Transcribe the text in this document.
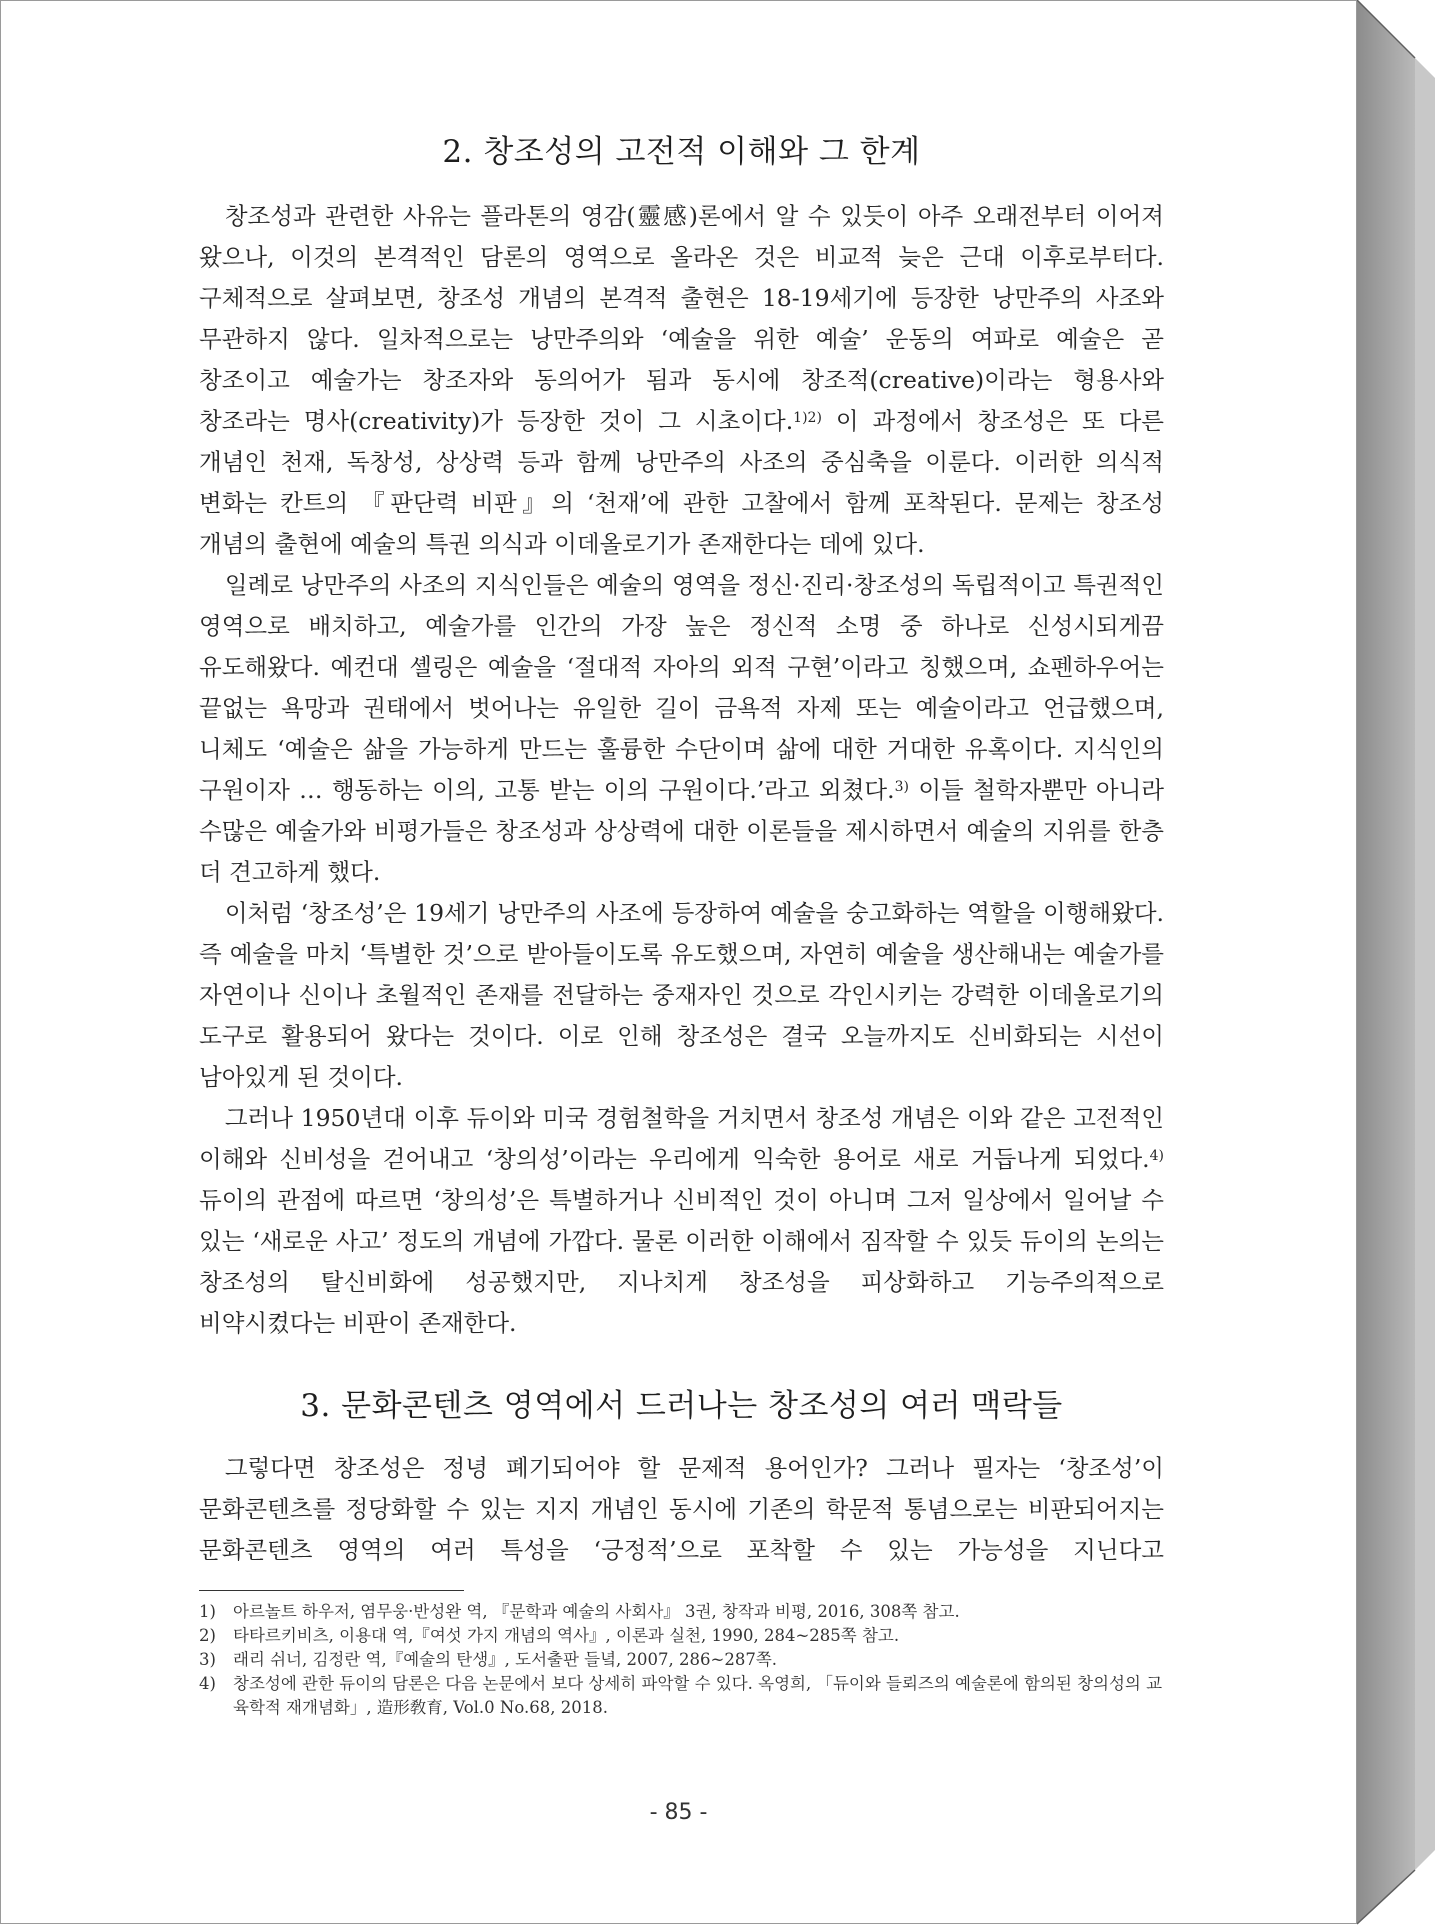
2. 창조성의 고전적 이해와 그 한계

창조성과 관련한 사유는 플라톤의 영감(靈感)론에서 알 수 있듯이 아주 오래전부터 이어져 왔으나, 이것의 본격적인 담론의 영역으로 올라온 것은 비교적 늦은 근대 이후로부터다. 구체적으로 살펴보면, 창조성 개념의 본격적 출현은 18-19세기에 등장한 낭만주의 사조와 무관하지 않다. 일차적으로는 낭만주의와 ‘예술을 위한 예술’ 운동의 여파로 예술은 곧 창조이고 예술가는 창조자와 동의어가 됨과 동시에 창조적(creative)이라는 형용사와 창조라는 명사(creativity)가 등장한 것이 그 시초이다.$^{1)2)}$ 이 과정에서 창조성은 또 다른 개념인 천재, 독창성, 상상력 등과 함께 낭만주의 사조의 중심축을 이룬다. 이러한 의식적 변화는 칸트의 『판단력 비판』의 ‘천재’에 관한 고찰에서 함께 포착된다. 문제는 창조성 개념의 출현에 예술의 특권 의식과 이데올로기가 존재한다는 데에 있다.

일례로 낭만주의 사조의 지식인들은 예술의 영역을 정신·진리·창조성의 독립적이고 특권적인 영역으로 배치하고, 예술가를 인간의 가장 높은 정신적 소명 중 하나로 신성시되게끔 유도해왔다. 예컨대 셸링은 예술을 ‘절대적 자아의 외적 구현’이라고 칭했으며, 쇼펜하우어는 끝없는 욕망과 권태에서 벗어나는 유일한 길이 금욕적 자제 또는 예술이라고 언급했으며, 니체도 ‘예술은 삶을 가능하게 만드는 훌륭한 수단이며 삶에 대한 거대한 유혹이다. 지식인의 구원이자 … 행동하는 이의, 고통 받는 이의 구원이다.’라고 외쳤다.$^{3)}$ 이들 철학자뿐만 아니라 수많은 예술가와 비평가들은 창조성과 상상력에 대한 이론들을 제시하면서 예술의 지위를 한층 더 견고하게 했다.

이처럼 ‘창조성’은 19세기 낭만주의 사조에 등장하여 예술을 숭고화하는 역할을 이행해왔다. 즉 예술을 마치 ‘특별한 것’으로 받아들이도록 유도했으며, 자연히 예술을 생산해내는 예술가를 자연이나 신이나 초월적인 존재를 전달하는 중재자인 것으로 각인시키는 강력한 이데올로기의 도구로 활용되어 왔다는 것이다. 이로 인해 창조성은 결국 오늘까지도 신비화되는 시선이 남아있게 된 것이다.

그러나 1950년대 이후 듀이와 미국 경험철학을 거치면서 창조성 개념은 이와 같은 고전적인 이해와 신비성을 걷어내고 ‘창의성’이라는 우리에게 익숙한 용어로 새로 거듭나게 되었다.$^{4)}$ 듀이의 관점에 따르면 ‘창의성’은 특별하거나 신비적인 것이 아니며 그저 일상에서 일어날 수 있는 ‘새로운 사고’ 정도의 개념에 가깝다. 물론 이러한 이해에서 짐작할 수 있듯 듀이의 논의는 창조성의 탈신비화에 성공했지만, 지나치게 창조성을 피상화하고 기능주의적으로 비약시켰다는 비판이 존재한다.

3. 문화콘텐츠 영역에서 드러나는 창조성의 여러 맥락들

그렇다면 창조성은 정녕 폐기되어야 할 문제적 용어인가? 그러나 필자는 ‘창조성’이 문화콘텐츠를 정당화할 수 있는 지지 개념인 동시에 기존의 학문적 통념으로는 비판되어지는 문화콘텐츠 영역의 여러 특성을 ‘긍정적’으로 포착할 수 있는 가능성을 지닌다고

1) 아르놀트 하우저, 염무웅·반성완 역, 『문학과 예술의 사회사』 3권, 창작과 비평, 2016, 308쪽 참고.

2) 타타르키비츠, 이용대 역,『여섯 가지 개념의 역사』, 이론과 실천, 1990, 284~285쪽 참고.

3) 래리 쉬너, 김정란 역,『예술의 탄생』, 도서출판 들녘, 2007, 286~287쪽.

4) 창조성에 관한 듀이의 담론은 다음 논문에서 보다 상세히 파악할 수 있다. 옥영희, 「듀이와 들뢰즈의 예술론에 함의된 창의성의 교육학적 재개념화」, 造形敎育, Vol.0 No.68, 2018.

- 85 -
